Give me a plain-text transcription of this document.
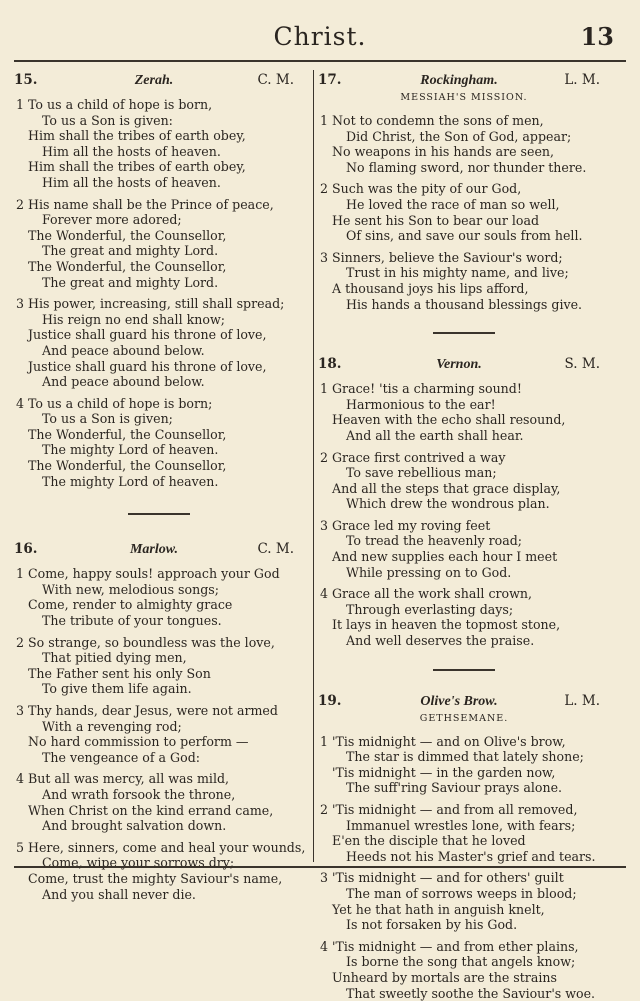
Christ.	13
15.	Zerah.	C. M.
1 To us a child of hope is born,
To us a Son is given:
Him shall the tribes of earth obey,
Him all the hosts of heaven.
Him shall the tribes of earth obey,
Him all the hosts of heaven.
2 His name shall be the Prince of peace,
Forever more adored;
The Wonderful, the Counsellor,
The great and mighty Lord.
The Wonderful, the Counsellor,
The great and mighty Lord.
3 His power, increasing, still shall spread;
His reign no end shall know;
Justice shall guard his throne of love,
And peace abound below.
Justice shall guard his throne of love,
And peace abound below.
4 To us a child of hope is born;
To us a Son is given;
The Wonderful, the Counsellor,
The mighty Lord of heaven.
The Wonderful, the Counsellor,
The mighty Lord of heaven.
16.	Marlow.	C. M.
1 Come, happy souls! approach your God
With new, melodious songs;
Come, render to almighty grace
The tribute of your tongues.
2 So strange, so boundless was the love,
That pitied dying men,
The Father sent his only Son
To give them life again.
3 Thy hands, dear Jesus, were not armed
With a revenging rod;
No hard commission to perform —
The vengeance of a God:
4 But all was mercy, all was mild,
And wrath forsook the throne,
When Christ on the kind errand came,
And brought salvation down.
5 Here, sinners, come and heal your wounds,
Come, wipe your sorrows dry;
Come, trust the mighty Saviour's name,
And you shall never die.
17.	Rockingham.	L. M.
MESSIAH'S MISSION.
1 Not to condemn the sons of men,
Did Christ, the Son of God, appear;
No weapons in his hands are seen,
No flaming sword, nor thunder there.
2 Such was the pity of our God,
He loved the race of man so well,
He sent his Son to bear our load
Of sins, and save our souls from hell.
3 Sinners, believe the Saviour's word;
Trust in his mighty name, and live;
A thousand joys his lips afford,
His hands a thousand blessings give.
18.	Vernon.	S. M.
1 Grace! 'tis a charming sound!
Harmonious to the ear!
Heaven with the echo shall resound,
And all the earth shall hear.
2 Grace first contrived a way
To save rebellious man;
And all the steps that grace display,
Which drew the wondrous plan.
3 Grace led my roving feet
To tread the heavenly road;
And new supplies each hour I meet
While pressing on to God.
4 Grace all the work shall crown,
Through everlasting days;
It lays in heaven the topmost stone,
And well deserves the praise.
19.	Olive's Brow.	L. M.
GETHSEMANE.
1 'Tis midnight — and on Olive's brow,
The star is dimmed that lately shone;
'Tis midnight — in the garden now,
The suff'ring Saviour prays alone.
2 'Tis midnight — and from all removed,
Immanuel wrestles lone, with fears;
E'en the disciple that he loved
Heeds not his Master's grief and tears.
3 'Tis midnight — and for others' guilt
The man of sorrows weeps in blood;
Yet he that hath in anguish knelt,
Is not forsaken by his God.
4 'Tis midnight — and from ether plains,
Is borne the song that angels know;
Unheard by mortals are the strains
That sweetly soothe the Saviour's woe.
